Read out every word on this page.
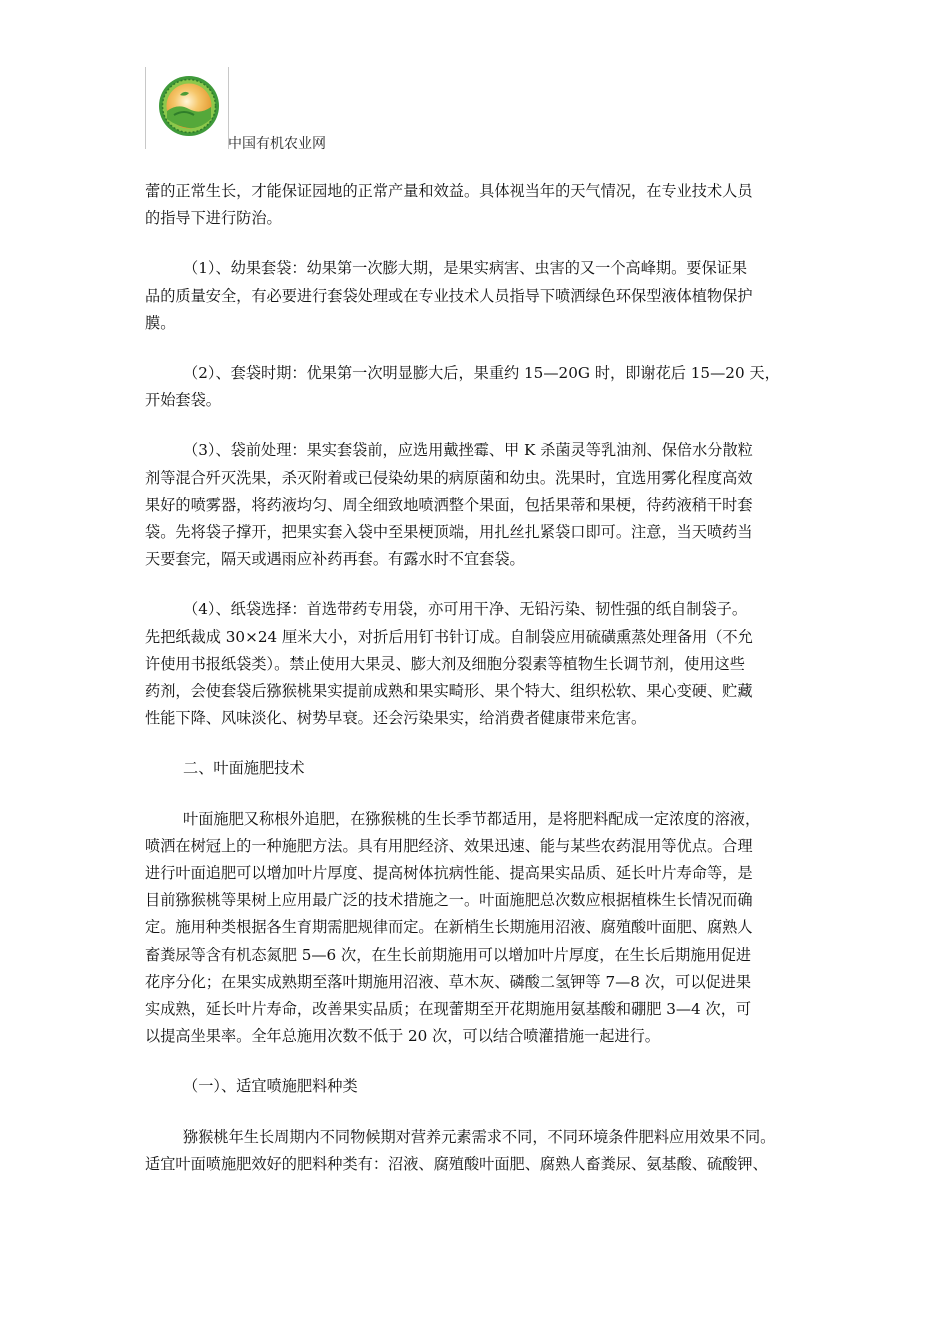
中国有机农业网

蕾的正常生长，才能保证园地的正常产量和效益。具体视当年的天气情况，在专业技术人员

的指导下进行防治。

（1）、幼果套袋：幼果第一次膨大期，是果实病害、虫害的又一个高峰期。要保证果

品的质量安全，有必要进行套袋处理或在专业技术人员指导下喷洒绿色环保型液体植物保护

膜。

（2）、套袋时期：优果第一次明显膨大后，果重约 15—20G 时，即谢花后 15—20 天，

开始套袋。

（3）、袋前处理：果实套袋前，应选用戴挫霉、甲 K 杀菌灵等乳油剂、保倍水分散粒

剂等混合歼灭洗果，杀灭附着或已侵染幼果的病原菌和幼虫。洗果时，宜选用雾化程度高效

果好的喷雾器，将药液均匀、周全细致地喷洒整个果面，包括果蒂和果梗，待药液稍干时套

袋。先将袋子撑开，把果实套入袋中至果梗顶端，用扎丝扎紧袋口即可。注意，当天喷药当

天要套完，隔天或遇雨应补药再套。有露水时不宜套袋。

（4）、纸袋选择：首选带药专用袋，亦可用干净、无铅污染、韧性强的纸自制袋子。

先把纸裁成 30×24 厘米大小，对折后用钉书针订成。自制袋应用硫磺熏蒸处理备用（不允

许使用书报纸袋类）。禁止使用大果灵、膨大剂及细胞分裂素等植物生长调节剂，使用这些

药剂，会使套袋后猕猴桃果实提前成熟和果实畸形、果个特大、组织松软、果心变硬、贮藏

性能下降、风味淡化、树势早衰。还会污染果实，给消费者健康带来危害。

二、叶面施肥技术

叶面施肥又称根外追肥，在猕猴桃的生长季节都适用，是将肥料配成一定浓度的溶液，

喷洒在树冠上的一种施肥方法。具有用肥经济、效果迅速、能与某些农药混用等优点。合理

进行叶面追肥可以增加叶片厚度、提高树体抗病性能、提高果实品质、延长叶片寿命等，是

目前猕猴桃等果树上应用最广泛的技术措施之一。叶面施肥总次数应根据植株生长情况而确

定。施用种类根据各生育期需肥规律而定。在新梢生长期施用沼液、腐殖酸叶面肥、腐熟人

畜粪尿等含有机态氮肥 5—6 次，在生长前期施用可以增加叶片厚度，在生长后期施用促进

花序分化；在果实成熟期至落叶期施用沼液、草木灰、磷酸二氢钾等 7—8 次，可以促进果

实成熟，延长叶片寿命，改善果实品质；在现蕾期至开花期施用氨基酸和硼肥 3—4 次，可

以提高坐果率。全年总施用次数不低于 20 次，可以结合喷灌措施一起进行。

（一）、适宜喷施肥料种类

猕猴桃年生长周期内不同物候期对营养元素需求不同，不同环境条件肥料应用效果不同。

适宜叶面喷施肥效好的肥料种类有：沼液、腐殖酸叶面肥、腐熟人畜粪尿、氨基酸、硫酸钾、
